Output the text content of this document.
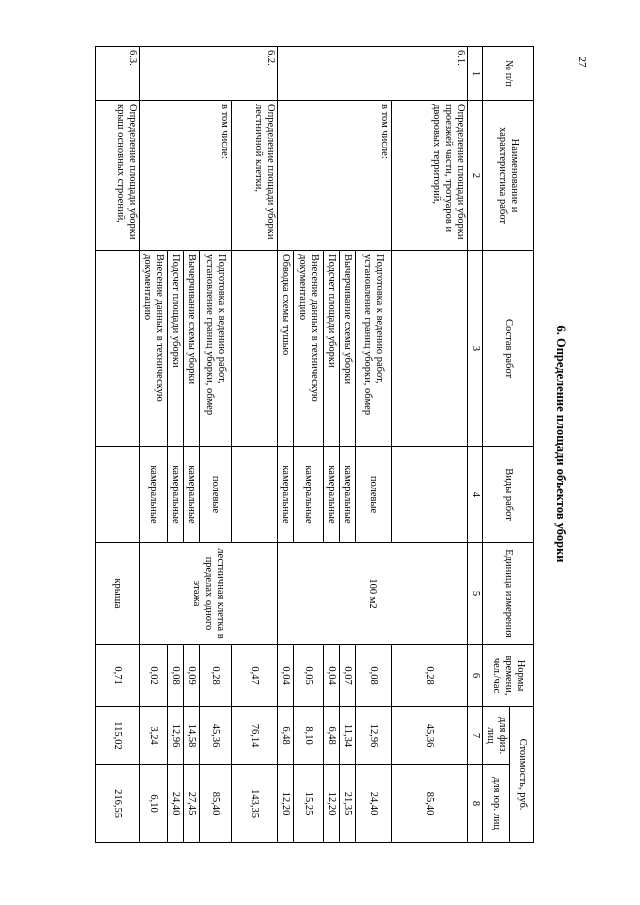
27
6. Определение площади объектов уборки
№ п/п	Наименование и характеристика работ	Состав работ	Виды работ	Единица измерения	Нормы времени, чел./час	Стоимость, руб.	
						для физ. лиц	для юр. лиц
1	2	3	4	5	6	7	8
6.1.	Определение площади уборки проезжей части, тротуаров и дворовых территорий,			100 м2	0,28	45,36	85,40
	в том числе:	Подготовка к ведению работ, установление границ уборки, обмер	полевые		0,08	12,96	24,40
		Вычерчивание схемы уборки	камеральные		0,07	11,34	21,35
		Подсчет площади уборки	камеральные		0,04	6,48	12,20
		Внесение данных в техническую документацию	камеральные		0,05	8,10	15,25
		Обводка схемы тушью	камеральные		0,04	6,48	12,20
6.2.	Определение площади уборки лестничной клетки,			лестничная клетка в пределах одного этажа	0,47	76,14	143,35
	в том числе:	Подготовка к ведению работ, установление границ уборки, обмер	полевые		0,28	45,36	85,40
		Вычерчивание схемы уборки	камеральные		0,09	14,58	27,45
		Подсчет площади уборки	камеральные		0,08	12,96	24,40
		Внесение данных в техническую документацию	камеральные		0,02	3,24	6,10
6.3.	Определение площади уборки крыш основных строений,			крыша	0,71	115,02	216,55
